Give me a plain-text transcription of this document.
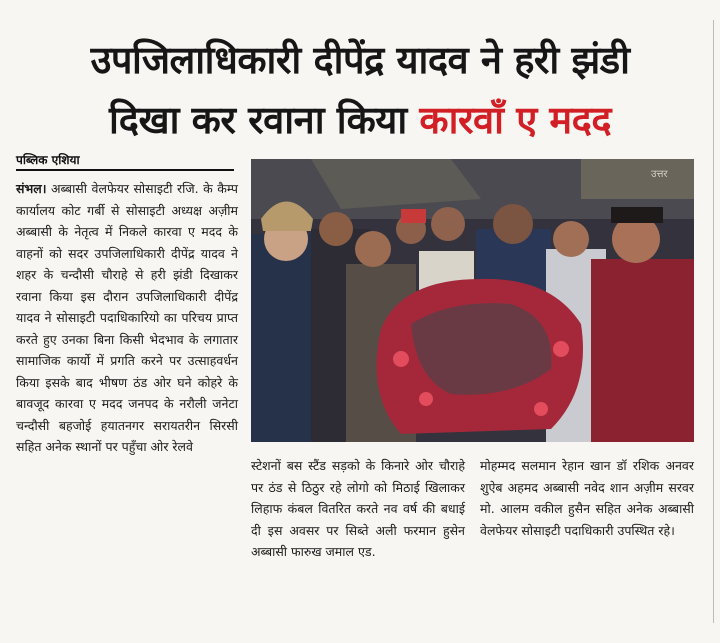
उपजिलाधिकारी दीपेंद्र यादव ने हरी झंडी
दिखा कर रवाना किया कारवाँ ए मदद
पब्लिक एशिया
संभल। अब्बासी वेलफेयर सोसाइटी रजि. के कैम्प कार्यालय कोट गर्बी से सोसाइटी अध्यक्ष अज़ीम अब्बासी के नेतृत्व में निकले कारवा ए मदद के वाहनों को सदर उपजिलाधिकारी दीपेंद्र यादव ने शहर के चन्दौसी चौराहे से हरी झंडी दिखाकर रवाना किया इस दौरान उपजिलाधिकारी दीपेंद्र यादव ने सोसाइटी पदाधिकारियो का परिचय प्राप्त करते हुए उनका बिना किसी भेदभाव के लगातार सामाजिक कार्यो में प्रगति करने पर उत्साहवर्धन किया इसके बाद भीषण ठंड ओर घने कोहरे के बावजूद कारवा ए मदद जनपद के नरौली जनेटा चन्दौसी बहजोई हयातनगर सरायतरीन सिरसी सहित अनेक स्थानों पर पहुँचा ओर रेलवे
उत्तर
स्टेशनों बस स्टैंड सड़को के किनारे ओर चौराहे पर ठंड से ठिठुर रहे लोगो को मिठाई खिलाकर लिहाफ कंबल वितरित करते नव वर्ष की बधाई दी इस अवसर पर सिब्ते अली फरमान हुसेन अब्बासी फारुख जमाल एड.
मोहम्मद सलमान रेहान खान डॉ रशिक अनवर शुऐब अहमद अब्बासी नवेद शान अज़ीम सरवर मो. आलम वकील हुसैन सहित अनेक अब्बासी वेलफेयर सोसाइटी पदाधिकारी उपस्थित रहे।
